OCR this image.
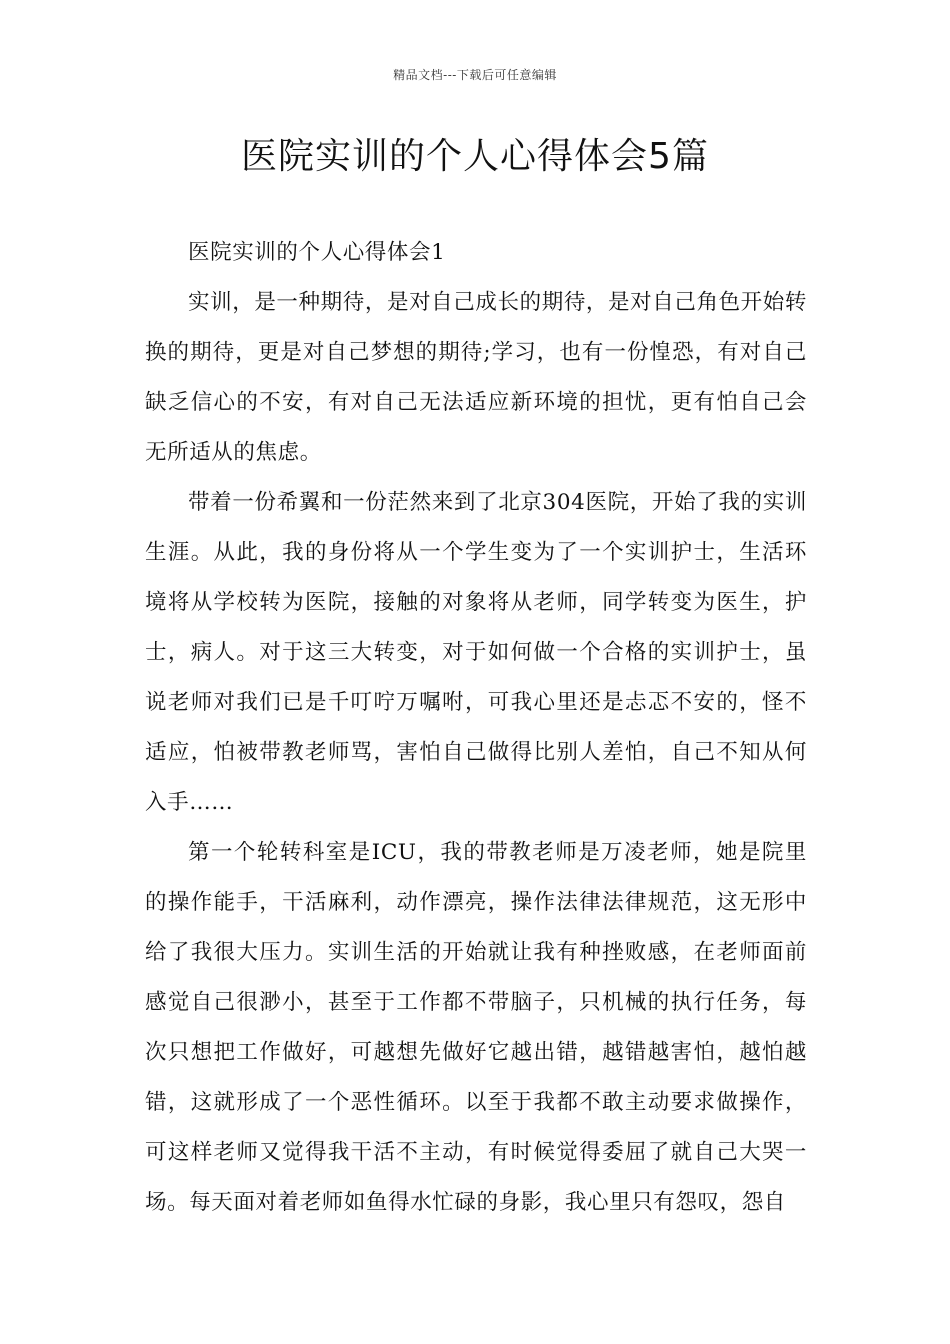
精品文档---下载后可任意编辑
医院实训的个人心得体会5篇

医院实训的个人心得体会1

实训，是一种期待，是对自己成长的期待，是对自己角色开始转换的期待，更是对自己梦想的期待;学习，也有一份惶恐，有对自己缺乏信心的不安，有对自己无法适应新环境的担忧，更有怕自己会无所适从的焦虑。

带着一份希翼和一份茫然来到了北京304医院，开始了我的实训生涯。从此，我的身份将从一个学生变为了一个实训护士，生活环境将从学校转为医院，接触的对象将从老师，同学转变为医生，护士，病人。对于这三大转变，对于如何做一个合格的实训护士，虽说老师对我们已是千叮咛万嘱咐，可我心里还是忐忑不安的，怪不适应，怕被带教老师骂，害怕自己做得比别人差怕，自己不知从何入手……

第一个轮转科室是ICU，我的带教老师是万凌老师，她是院里的操作能手，干活麻利，动作漂亮，操作法律法律规范，这无形中给了我很大压力。实训生活的开始就让我有种挫败感，在老师面前感觉自己很渺小，甚至于工作都不带脑子，只机械的执行任务，每次只想把工作做好，可越想先做好它越出错，越错越害怕，越怕越错，这就形成了一个恶性循环。以至于我都不敢主动要求做操作，可这样老师又觉得我干活不主动，有时候觉得委屈了就自己大哭一场。每天面对着老师如鱼得水忙碌的身影，我心里只有怨叹，怨自
